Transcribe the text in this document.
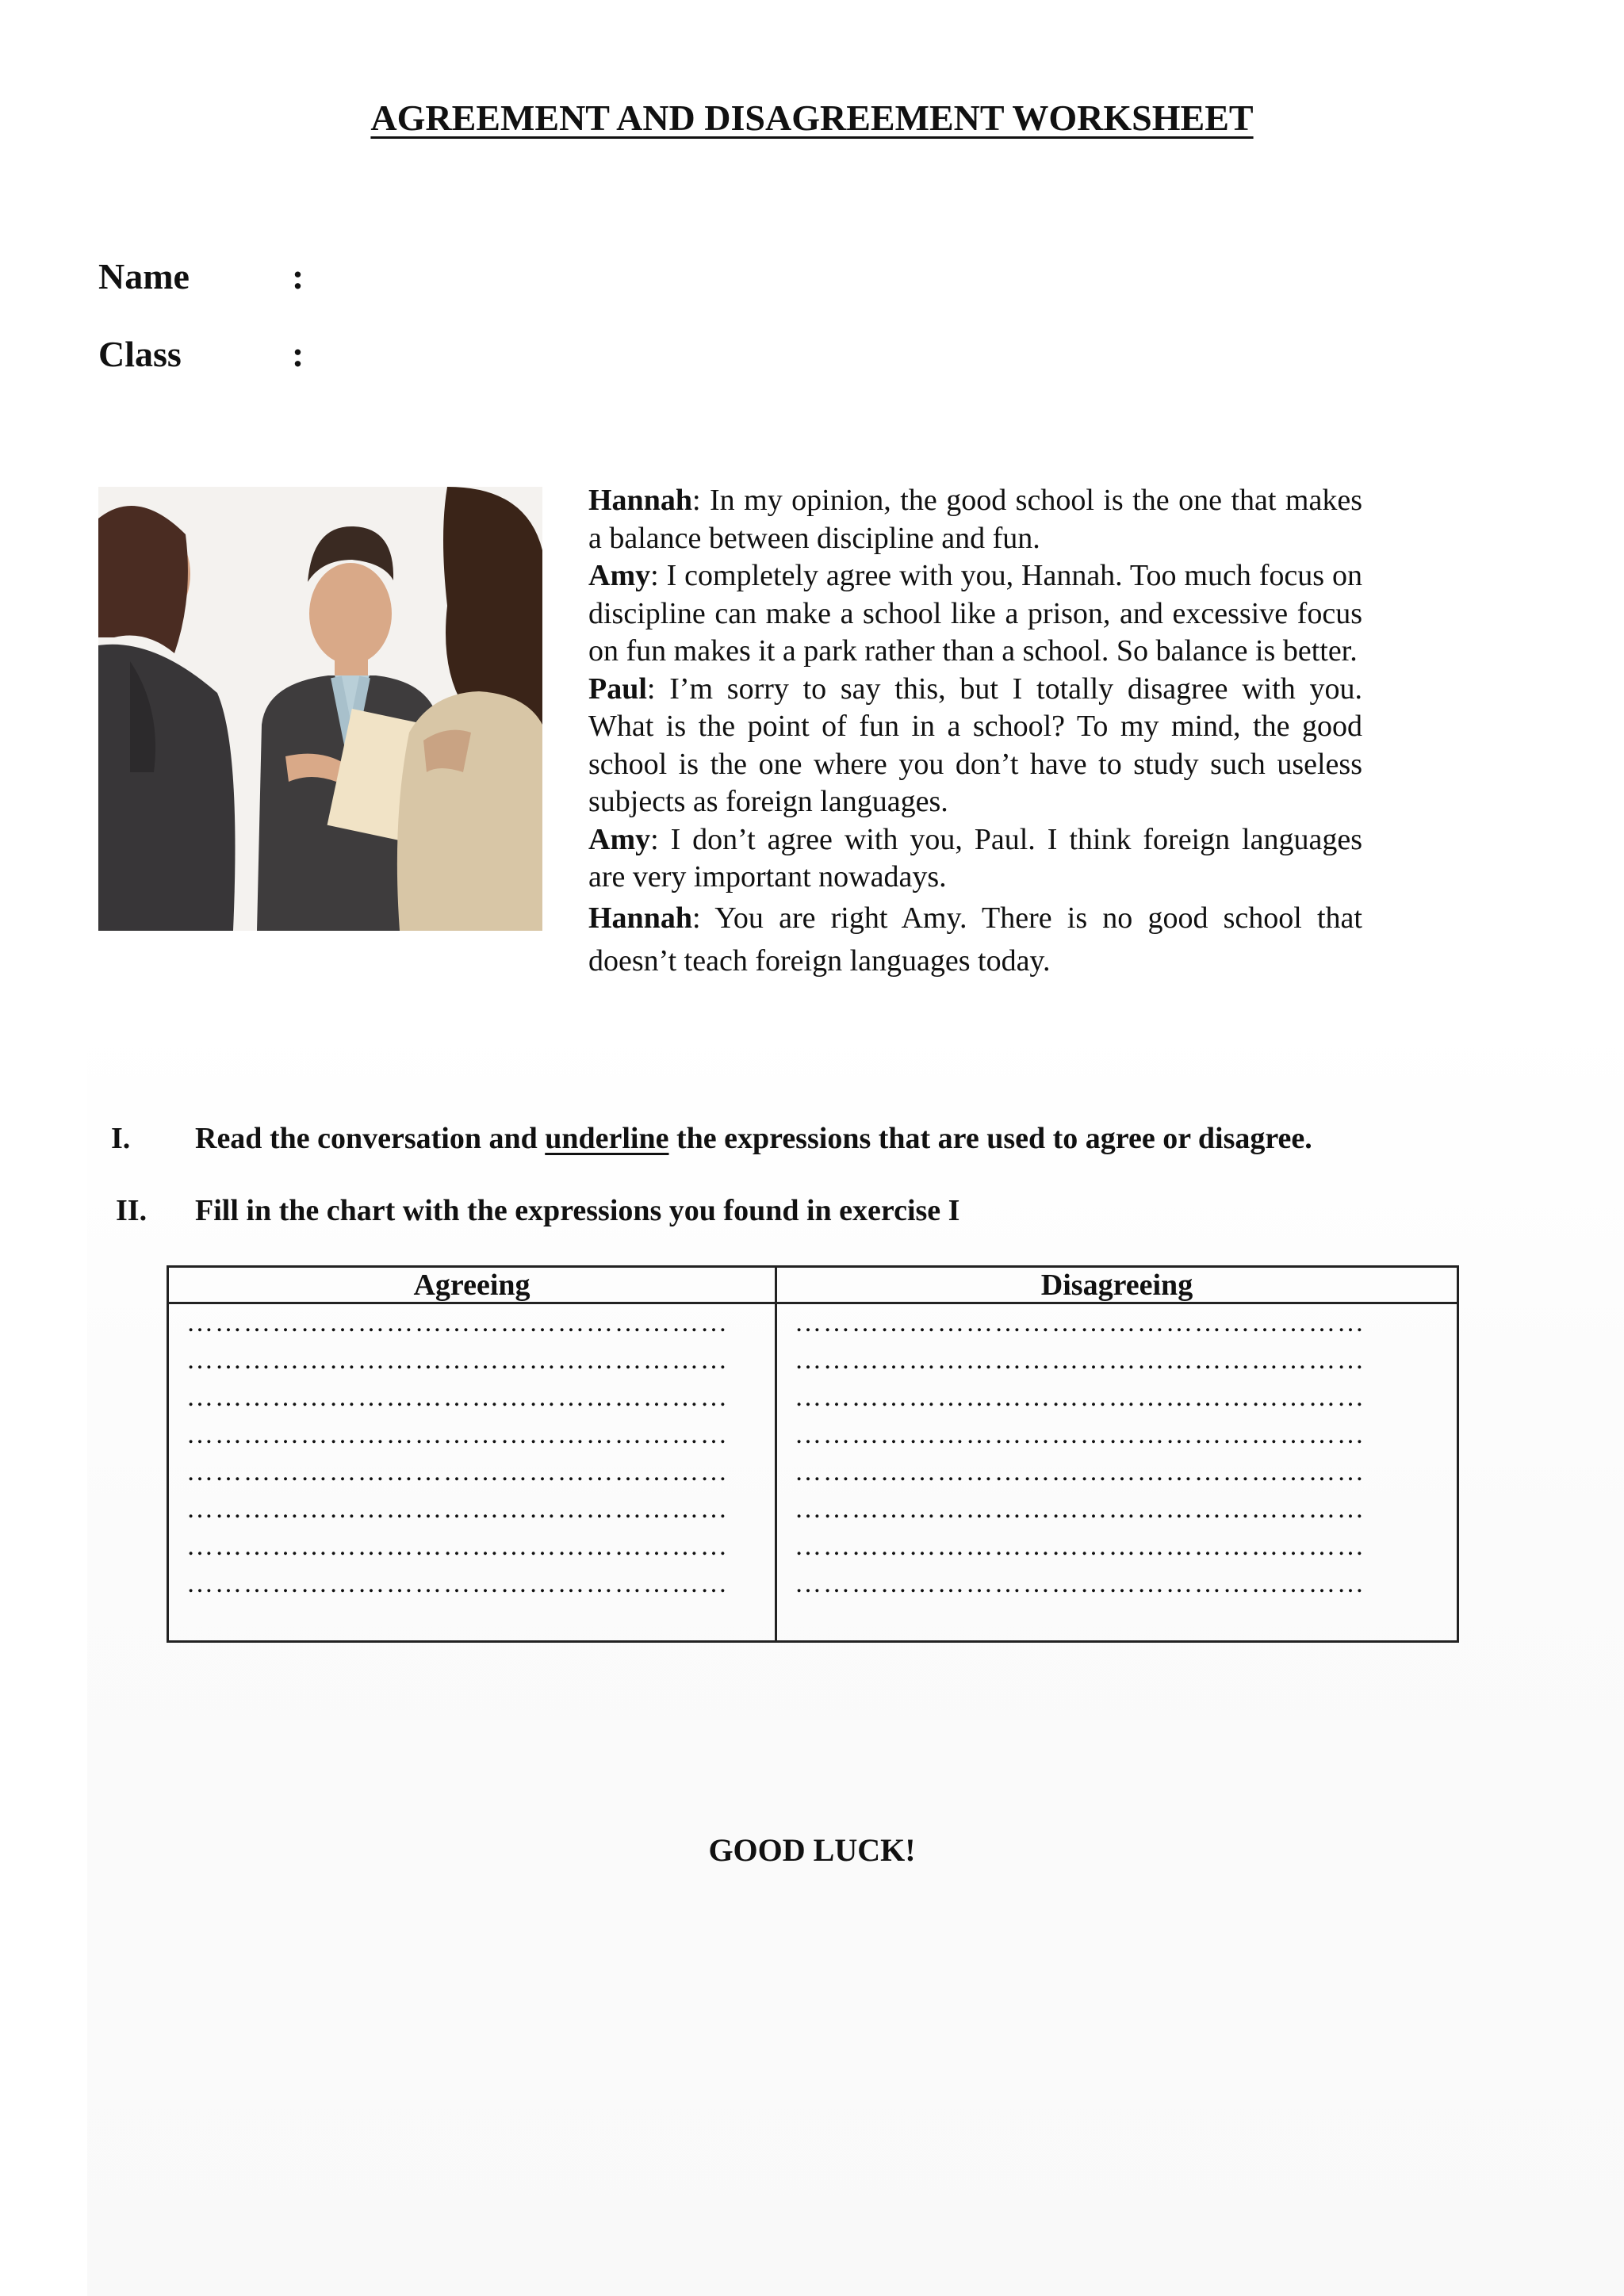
AGREEMENT AND DISAGREEMENT WORKSHEET
Name	:
Class	:

Hannah: In my opinion, the good school is the one that makes a balance between discipline and fun.

Amy: I completely agree with you, Hannah. Too much focus on discipline can make a school like a prison, and excessive focus on fun makes it a park rather than a school. So balance is better.

Paul: I’m sorry to say this, but I totally disagree with you. What is the point of fun in a school? To my mind, the good school is the one where you don’t have to study such useless subjects as foreign languages.

Amy: I don’t agree with you, Paul. I think foreign languages are very important nowadays.

Hannah: You are right Amy. There is no good school that doesn’t teach foreign languages today.

I. Read the conversation and underline the expressions that are used to agree or disagree.
II. Fill in the chart with the expressions you found in exercise I
Agreeing
…………………………………………………
…………………………………………………
…………………………………………………
…………………………………………………
…………………………………………………
…………………………………………………
…………………………………………………
…………………………………………………
Disagreeing
……………………………………………………
……………………………………………………
……………………………………………………
……………………………………………………
……………………………………………………
……………………………………………………
……………………………………………………
……………………………………………………
GOOD LUCK!
